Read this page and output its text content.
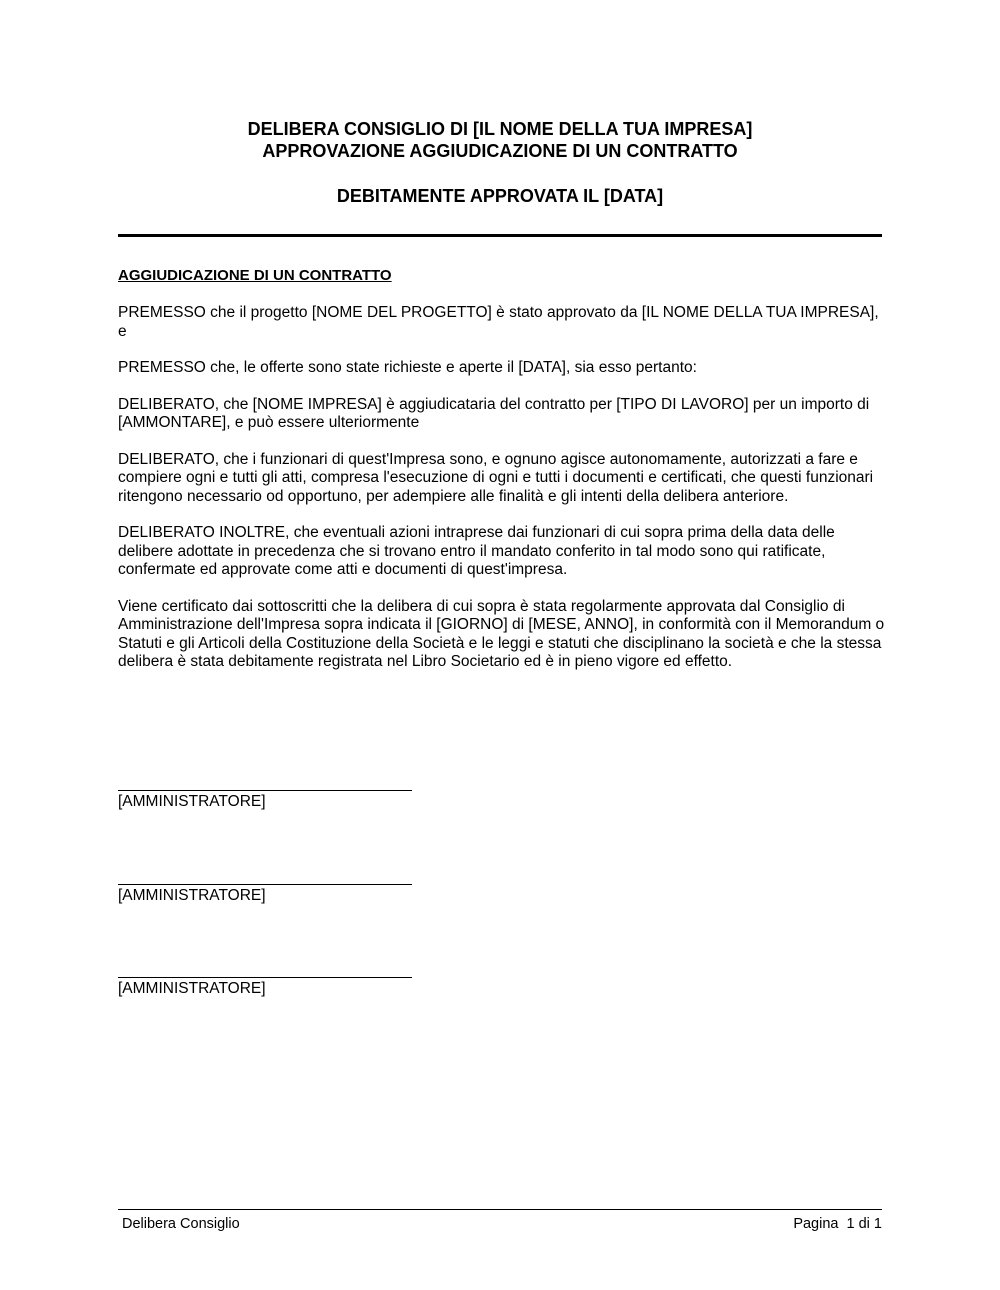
DELIBERA CONSIGLIO DI [IL NOME DELLA TUA IMPRESA]
APPROVAZIONE AGGIUDICAZIONE DI UN CONTRATTO
DEBITAMENTE APPROVATA IL [DATA]
AGGIUDICAZIONE DI UN CONTRATTO

PREMESSO che il progetto [NOME DEL PROGETTO] è stato approvato da [IL NOME DELLA TUA IMPRESA], e

PREMESSO che, le offerte sono state richieste e aperte il [DATA], sia esso pertanto:

DELIBERATO, che [NOME IMPRESA] è aggiudicataria del contratto per [TIPO DI LAVORO] per un importo di [AMMONTARE], e può essere ulteriormente

DELIBERATO, che i funzionari di quest'Impresa sono, e ognuno agisce autonomamente, autorizzati a fare e compiere ogni e tutti gli atti, compresa l'esecuzione di ogni e tutti i documenti e certificati, che questi funzionari ritengono necessario od opportuno, per adempiere alle finalità e gli intenti della delibera anteriore.

DELIBERATO INOLTRE, che eventuali azioni intraprese dai funzionari di cui sopra prima della data delle delibere adottate in precedenza che si trovano entro il mandato conferito in tal modo sono qui ratificate, confermate ed approvate come atti e documenti di quest'impresa.

Viene certificato dai sottoscritti che la delibera di cui sopra è stata regolarmente approvata dal Consiglio di Amministrazione dell'Impresa sopra indicata il [GIORNO] di [MESE, ANNO], in conformità con il Memorandum o Statuti e gli Articoli della Costituzione della Società e le leggi e statuti che disciplinano la società e che la stessa delibera è stata debitamente registrata nel Libro Societario ed è in pieno vigore ed effetto.

[AMMINISTRATORE]
[AMMINISTRATORE]
[AMMINISTRATORE]
Delibera Consiglio	Pagina  1 di 1
